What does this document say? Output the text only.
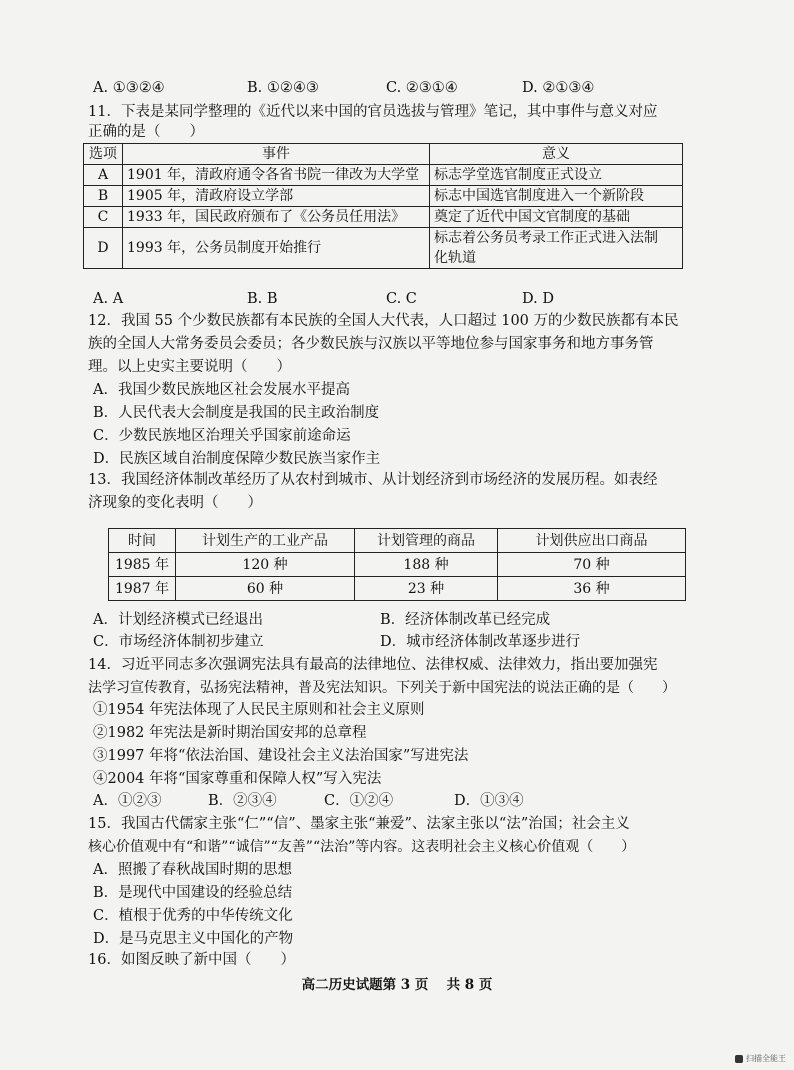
A. ①③②④	B. ①②④③	C. ②③①④	D. ②①③④
11．下表是某同学整理的《近代以来中国的官员选拔与管理》笔记，其中事件与意义对应
正确的是（　　）
选项	事件	意义
A	1901 年，清政府通令各省书院一律改为大学堂	标志学堂选官制度正式设立
B	1905 年，清政府设立学部	标志中国选官制度进入一个新阶段
C	1933 年，国民政府颁布了《公务员任用法》	奠定了近代中国文官制度的基础
D	1993 年，公务员制度开始推行	标志着公务员考录工作正式进入法制
化轨道
A. A	B. B	C. C	D. D
12．我国 55 个少数民族都有本民族的全国人大代表，人口超过 100 万的少数民族都有本民
族的全国人大常务委员会委员；各少数民族与汉族以平等地位参与国家事务和地方事务管
理。以上史实主要说明（　　）
A．我国少数民族地区社会发展水平提高
B．人民代表大会制度是我国的民主政治制度
C．少数民族地区治理关乎国家前途命运
D．民族区域自治制度保障少数民族当家作主
13．我国经济体制改革经历了从农村到城市、从计划经济到市场经济的发展历程。如表经
济现象的变化表明（　　）
时间	计划生产的工业产品	计划管理的商品	计划供应出口商品
1985 年	120 种	188 种	70 种
1987 年	60 种	23 种	36 种
A．计划经济模式已经退出	B．经济体制改革已经完成
C．市场经济体制初步建立	D．城市经济体制改革逐步进行
14．习近平同志多次强调宪法具有最高的法律地位、法律权威、法律效力，指出要加强宪
法学习宣传教育，弘扬宪法精神，普及宪法知识。下列关于新中国宪法的说法正确的是（　　）
①1954 年宪法体现了人民民主原则和社会主义原则
②1982 年宪法是新时期治国安邦的总章程
③1997 年将“依法治国、建设社会主义法治国家”写进宪法
④2004 年将“国家尊重和保障人权”写入宪法
A．①②③	B．②③④	C．①②④	D．①③④
15．我国古代儒家主张“仁”“信”、墨家主张“兼爱”、法家主张以“法”治国；社会主义
核心价值观中有“和谐”“诚信”“友善”“法治”等内容。这表明社会主义核心价值观（　　）
A．照搬了春秋战国时期的思想
B．是现代中国建设的经验总结
C．植根于优秀的中华传统文化
D．是马克思主义中国化的产物
16．如图反映了新中国（　　）
高二历史试题第 3 页　 共 8 页
扫描全能王
